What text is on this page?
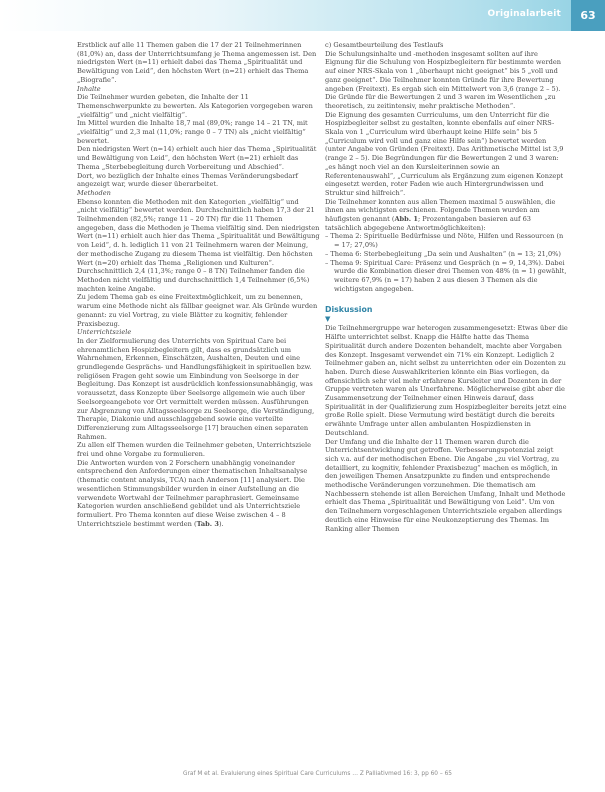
Originalarbeit	63

Erstblick auf alle 11 Themen gaben die 17 der 21 Teilnehmerinnen (81,0%) an, dass der Unterrichtsumfang je Thema angemessen ist. Den niedrigsten Wert (n=11) erhielt dabei das Thema „Spiritualität und Bewältigung von Leid“, den höchsten Wert (n=21) erhielt das Thema „Biografie“.

Inhalte

Die Teilnehmer wurden gebeten, die Inhalte der 11 Themenschwerpunkte zu bewerten. Als Kategorien vorgegeben waren „vielfältig“ und „nicht vielfältig“.

Im Mittel wurden die Inhalte 18,7 mal (89,0%; range 14 – 21 TN, mit „vielfältig“ und 2,3 mal (11,0%; range 0 – 7 TN) als „nicht vielfältig“ bewertet.

Den niedrigsten Wert (n=14) erhielt auch hier das Thema „Spiritualität und Bewältigung von Leid“, den höchsten Wert (n=21) erhielt das Thema „Sterbebegleitung durch Vorbereitung und Abschied“.

Dort, wo bezüglich der Inhalte eines Themas Veränderungsbedarf angezeigt war, wurde dieser überarbeitet.

Methoden

Ebenso konnten die Methoden mit den Kategorien „vielfältig“ und „nicht vielfältig“ bewertet werden. Durchschnittlich haben 17,3 der 21 Teilnehmenden (82,5%; range 11 – 20 TN) für die 11 Themen angegeben, dass die Methoden je Thema vielfältig sind. Den niedrigsten Wert (n=11) erhielt auch hier das Thema „Spiritualität und Bewältigung von Leid“, d. h. lediglich 11 von 21 Teilnehmern waren der Meinung, der methodische Zugang zu diesem Thema ist vielfältig. Den höchsten Wert (n=20) erhielt das Thema „Religionen und Kulturen“. Durchschnittlich 2,4 (11,3%; range 0 – 8 TN) Teilnehmer fanden die Methoden nicht vielfältig und durchschnittlich 1,4 Teilnehmer (6,5%) machten keine Angabe.

Zu jedem Thema gab es eine Freitextmöglichkeit, um zu benennen, warum eine Methode nicht als fällbar geeignet war. Als Gründe wurden genannt: zu viel Vortrag, zu viele Blätter zu kognitiv, fehlender Praxisbezug.

Unterrichtsziele

In der Zielformulierung des Unterrichts von Spiritual Care bei ehrenamtlichen Hospizbegleitern gilt, dass es grundsätzlich um Wahrnehmen, Erkennen, Einschätzen, Aushalten, Deuten und eine grundlegende Gesprächs- und Handlungsfähigkeit in spirituellen bzw. religiösen Fragen geht sowie um Einbindung von Seelsorge in der Begleitung. Das Konzept ist ausdrücklich konfessionsunabhängig, was voraussetzt, dass Konzepte über Seelsorge allgemein wie auch über Seelsorgeangebote vor Ort vermittelt werden müssen. Ausführungen zur Abgrenzung von Alltagsseelsorge zu Seelsorge, die Verständigung, Therapie, Diakonie und ausschlaggebend sowie eine verteilte Differenzierung zum Alltagsseelsorge [17] brauchen einen separaten Rahmen.

Zu allen elf Themen wurden die Teilnehmer gebeten, Unterrichtsziele frei und ohne Vorgabe zu formulieren.

Die Antworten wurden von 2 Forschern unabhängig voneinander entsprechend den Anforderungen einer thematischen Inhaltsanalyse (thematic content analysis, TCA) nach Anderson [11] analysiert. Die wesentlichen Stimmungsbilder wurden in einer Aufstellung an die verwendete Wortwahl der Teilnehmer paraphrasiert. Gemeinsame Kategorien wurden anschließend gebildet und als Unterrichtsziele formuliert. Pro Thema konnten auf diese Weise zwischen 4 – 8 Unterrichtsziele bestimmt werden (Tab. 3).

c) Gesamtbeurteilung des Testlaufs

Die Schulungsinhalte und -methoden insgesamt sollten auf ihre Eignung für die Schulung von Hospizbegleitern für bestimmte werden auf einer NRS-Skala von 1 „überhaupt nicht geeignet“ bis 5 „voll und ganz geeignet“. Die Teilnehmer konnten Gründe für ihre Bewertung angeben (Freitext). Es ergab sich ein Mittelwert von 3,6 (range 2 – 5). Die Gründe für die Bewertungen 2 und 3 waren im Wesentlichen „zu theoretisch, zu zeitintensiv, mehr praktische Methoden“.

Die Eignung des gesamten Curriculums, um den Unterricht für die Hospizbegleiter selbst zu gestalten, konnte ebenfalls auf einer NRS-Skala von 1 „Curriculum wird überhaupt keine Hilfe sein“ bis 5 „Curriculum wird voll und ganz eine Hilfe sein“) bewertet werden (unter Angabe von Gründen (Freitext). Das Arithmetische Mittel ist 3,9 (range 2 – 5). Die Begründungen für die Bewertungen 2 und 3 waren: „es hängt noch viel an den Kursleiterinnen sowie an Referentenauswahl“, „Curriculum als Ergänzung zum eigenen Konzept eingesetzt werden, roter Faden wie auch Hintergrundwissen und Struktur sind hilfreich“.

Die Teilnehmer konnten aus allen Themen maximal 5 auswählen, die ihnen am wichtigsten erschienen. Folgende Themen wurden am häufigsten genannt (Abb. 1; Prozentangaben basieren auf 63 tatsächlich abgegebene Antwortmöglichkeiten):

– Thema 2: Spirituelle Bedürfnisse und Nöte, Hilfen und Ressourcen (n = 17; 27,0%)
– Thema 6: Sterbebegleitung „Da sein und Aushalten“ (n = 13; 21,0%)
– Thema 9: Spiritual Care: Präsenz und Gespräch (n = 9, 14,3%). Dabei wurde die Kombination dieser drei Themen von 48% (n = 1) gewählt, weitere 67,9% (n = 17) haben 2 aus diesen 3 Themen als die wichtigsten angegeben.

Diskussion

▼

Die Teilnehmergruppe war heterogen zusammengesetzt: Etwas über die Hälfte unterrichtet selbst. Knapp die Hälfte hatte das Thema Spiritualität durch andere Dozenten behandelt, machte aber Vorgaben des Konzept. Insgesamt verwendet ein 71% ein Konzept. Lediglich 2 Teilnehmer gaben an, nicht selbst zu unterrichten oder ein Dozenten zu haben. Durch diese Auswahlkriterien könnte ein Bias vorliegen, da offensichtlich sehr viel mehr erfahrene Kursleiter und Dozenten in der Gruppe vertreten waren als Unerfahrene. Möglicherweise gibt aber die Zusammensetzung der Teilnehmer einen Hinweis darauf, dass Spiritualität in der Qualifizierung zum Hospizbegleiter bereits jetzt eine große Rolle spielt. Diese Vermutung wird bestätigt durch die bereits erwähnte Umfrage unter allen ambulanten Hospizdiensten in Deutschland.

Der Umfang und die Inhalte der 11 Themen waren durch die Unterrichtsentwicklung gut getroffen. Verbesserungspotenzial zeigt sich v.a. auf der methodischen Ebene. Die Angabe „zu viel Vortrag, zu detailliert, zu kognitiv, fehlender Praxisbezug“ machen es möglich, in den jeweiligen Themen Ansatzpunkte zu finden und entsprechende methodische Veränderungen vorzunehmen. Die thematisch am Nachbessern stehende ist allen Bereichen Umfang, Inhalt und Methode erhielt das Thema „Spiritualität und Bewältigung von Leid“. Um von den Teilnehmern vorgeschlagenen Unterrichtsziele ergaben allerdings deutlich eine Hinweise für eine Neukonzeptierung des Themas. Im Ranking aller Themen

Graf M et al. Evaluierung eines Spiritual Care Curriculums … Z Palliativmed 16: 3, pp 60 – 65
